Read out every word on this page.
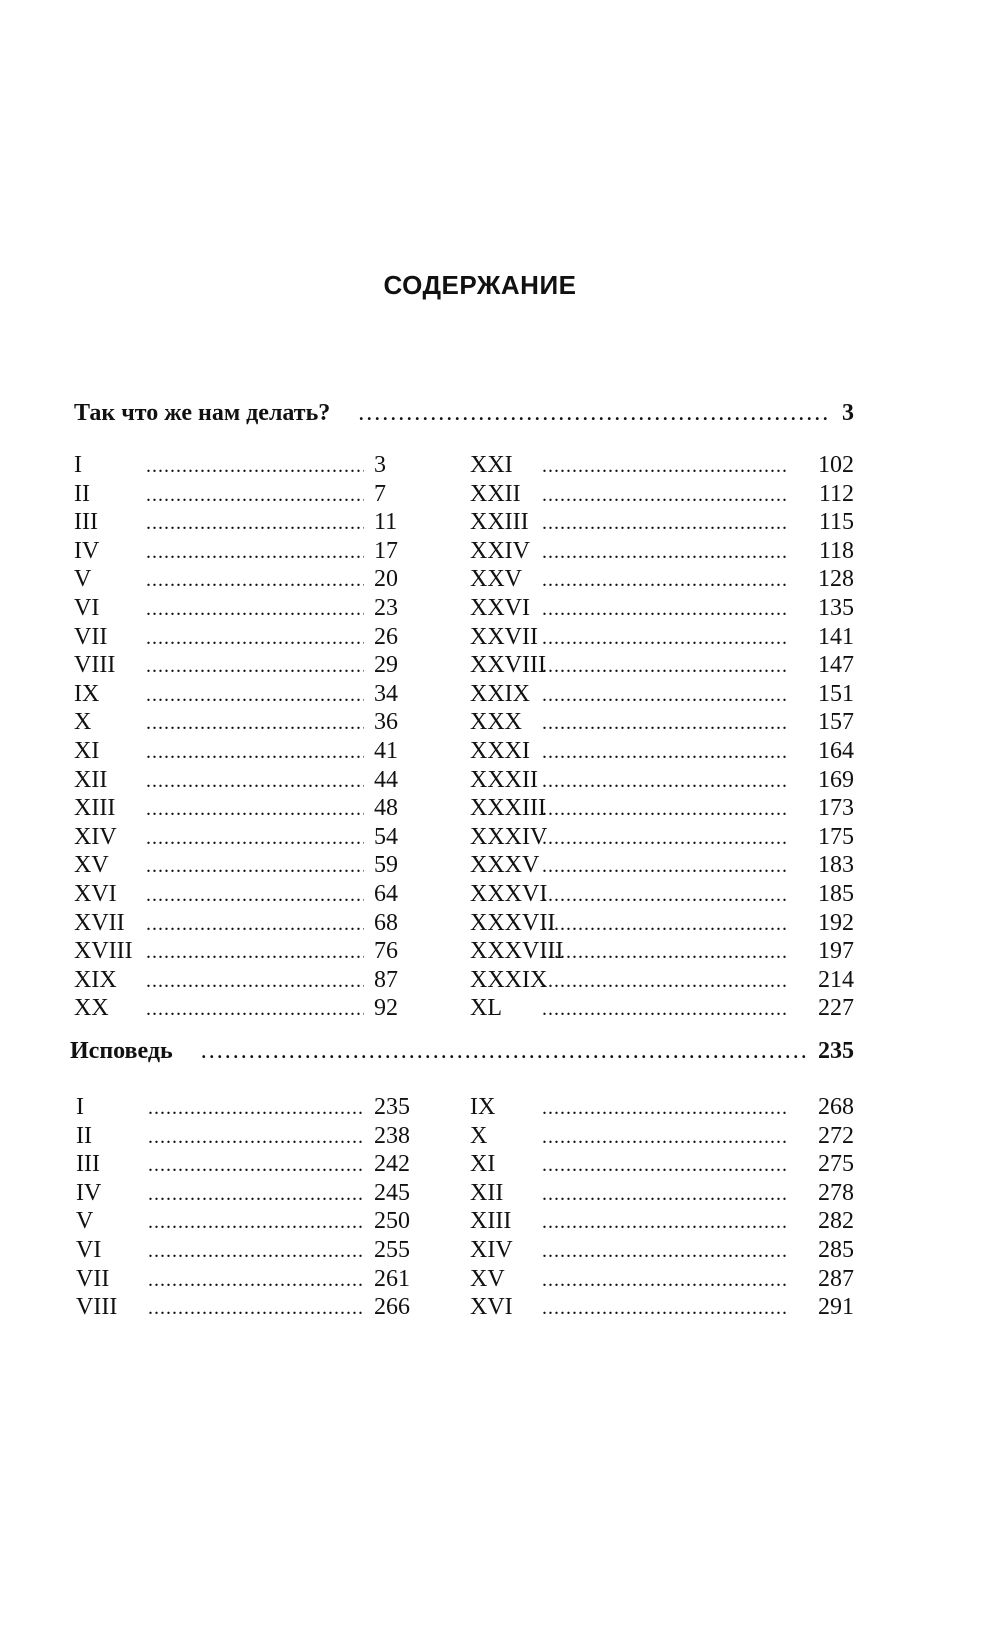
СОДЕРЖАНИЕ
Так что же нам делать? .....	3
I .....	3
II .....	7
III .....	11
IV .....	17
V .....	20
VI .....	23
VII .....	26
VIII .....	29
IX .....	34
X .....	36
XI .....	41
XII .....	44
XIII .....	48
XIV .....	54
XV .....	59
XVI .....	64
XVII .....	68
XVIII .....	76
XIX .....	87
XX .....	92
XXI .....	102
XXII .....	112
XXIII .....	115
XXIV .....	118
XXV .....	128
XXVI .....	135
XXVII .....	141
XXVIII .....	147
XXIX .....	151
XXX .....	157
XXXI .....	164
XXXII .....	169
XXXIII .....	173
XXXIV .....	175
XXXV .....	183
XXXVI .....	185
XXXVII .....	192
XXXVIII .....	197
XXXIX .....	214
XL .....	227
Исповедь .....	235
I .....	235
II .....	238
III .....	242
IV .....	245
V .....	250
VI .....	255
VII .....	261
VIII .....	266
IX .....	268
X .....	272
XI .....	275
XII .....	278
XIII .....	282
XIV .....	285
XV .....	287
XVI .....	291
